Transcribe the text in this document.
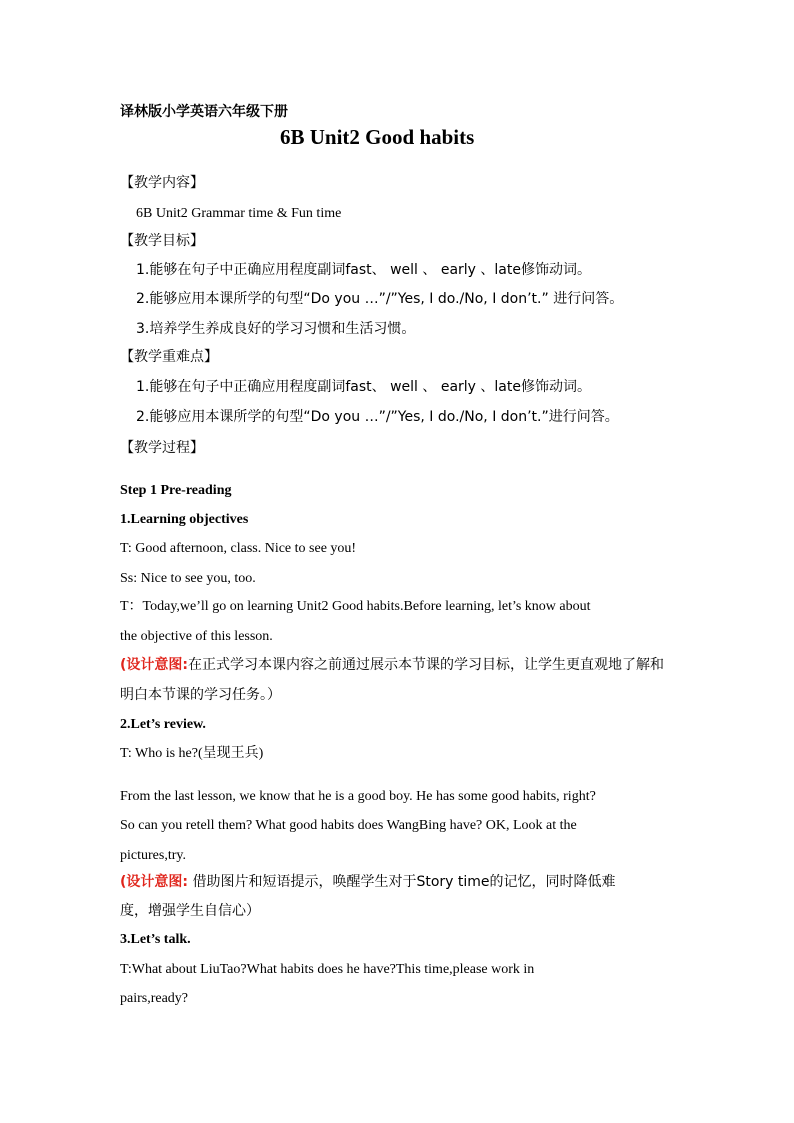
译林版小学英语六年级下册
6B Unit2 Good habits
【教学内容】
6B Unit2 Grammar time & Fun time
【教学目标】
1.能够在句子中正确应用程度副词fast、 well 、 early 、late修饰动词。
2.能够应用本课所学的句型“Do you …”/”Yes, I do./No, I don’t.” 进行问答。
3.培养学生养成良好的学习习惯和生活习惯。
【教学重难点】
1.能够在句子中正确应用程度副词fast、 well 、 early 、late修饰动词。
2.能够应用本课所学的句型“Do you …”/”Yes, I do./No, I don’t.”进行问答。
【教学过程】
Step 1 Pre-reading
1.Learning objectives
T: Good afternoon, class. Nice to see you!
Ss: Nice to see you, too.
T：Today,we’ll go on learning Unit2 Good habits.Before learning, let’s know about
the objective of this lesson.
(设计意图:在正式学习本课内容之前通过展示本节课的学习目标，让学生更直观地了解和
明白本节课的学习任务。）
2.Let’s review.
T: Who is he?(呈现王兵)
From the last lesson, we know that he is a good boy. He has some good habits, right?
So can you retell them? What good habits does WangBing have? OK, Look at the
pictures,try.
(设计意图: 借助图片和短语提示，唤醒学生对于Story time的记忆，同时降低难
度，增强学生自信心）
3.Let’s talk.
T:What about LiuTao?What habits does he have?This time,please work in
pairs,ready?
